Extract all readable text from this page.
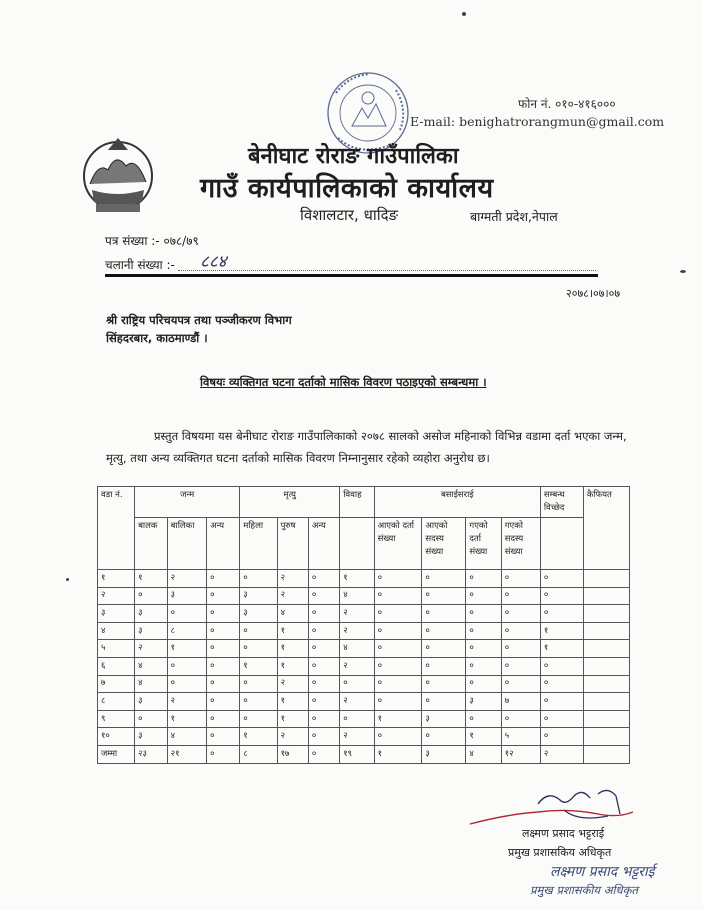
फोन नं. ०१०-४१६०००
E-mail: benighatrorangmun@gmail.com
बेनीघाट रोराङ गाउँपालिका
गाउँ कार्यपालिकाको कार्यालय
विशालटार, धादिङ	बाग्मती प्रदेश,नेपाल
पत्र संख्या :- ०७८/७९
चलानी संख्या :- ८८४
२०७८।०७।०७
श्री राष्ट्रिय परिचयपत्र तथा पञ्जीकरण विभाग
सिंहदरबार, काठमाण्डौं ।
विषयः व्यक्तिगत घटना दर्ताको मासिक विवरण पठाइएको सम्बन्धमा ।
प्रस्तुत विषयमा यस बेनीघाट रोराङ गाउँपालिकाको २०७८ सालको असोज महिनाको विभिन्न वडामा दर्ता भएका जन्म, मृत्यु, तथा अन्य व्यक्तिगत घटना दर्ताको मासिक विवरण निम्नानुसार रहेको व्यहोरा अनुरोध छ।
वडा नं.	जन्म			मृत्यु			विवाह	बसाईसराई				सम्बन्ध विच्छेद	कैफियत
	बालक	बालिका	अन्य	महिला	पुरुष	अन्य		आएको दर्ता संख्या	आएको सदस्य संख्या	गएको दर्ता संख्या	गएको सदस्य संख्या		
१	१	२	०	०	२	०	१	०	०	०	०	०	
२	०	३	०	३	२	०	४	०	०	०	०	०	
३	३	०	०	३	४	०	२	०	०	०	०	०	
४	३	८	०	०	१	०	२	०	०	०	०	१	
५	२	१	०	०	१	०	४	०	०	०	०	१	
६	४	०	०	१	१	०	२	०	०	०	०	०	
७	४	०	०	०	२	०	०	०	०	०	०	०	
८	३	२	०	०	१	०	२	०	०	३	७	०	
९	०	१	०	०	१	०	०	१	३	०	०	०	
१०	३	४	०	१	२	०	२	०	०	१	५	०	
जम्मा	२३	२१	०	८	१७	०	१९	१	३	४	१२	२	
लक्ष्मण प्रसाद भट्टराई
प्रमुख प्रशासकिय अधिकृत
लक्ष्मण प्रसाद भट्टराई
प्रमुख प्रशासकीय अधिकृत
